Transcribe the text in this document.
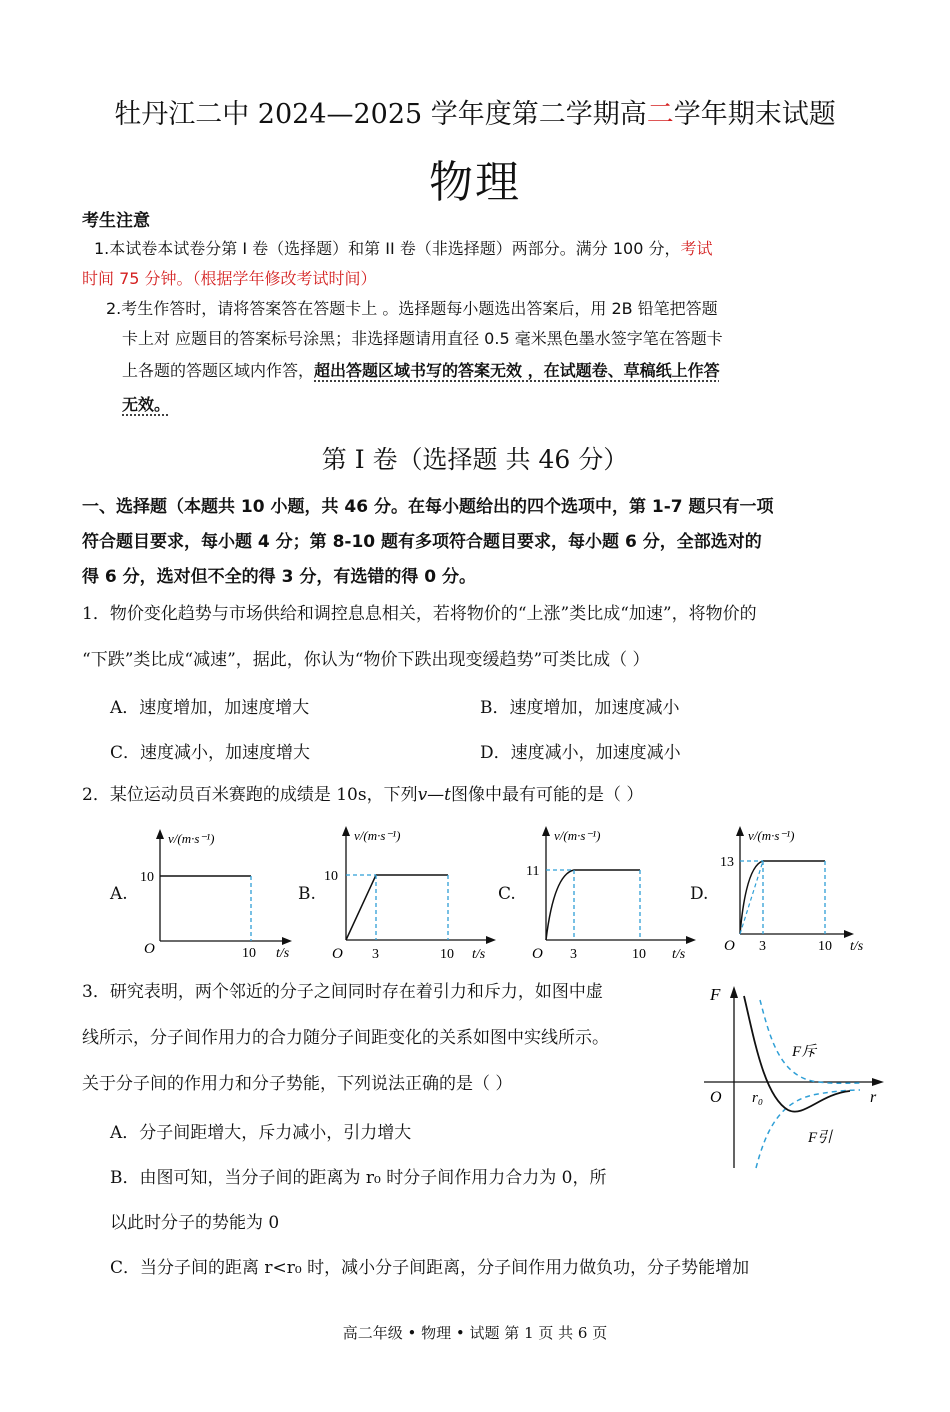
牡丹江二中 2024—2025 学年度第二学期高二学年期末试题
物理
考生注意
1.本试卷本试卷分第 I 卷（选择题）和第 II 卷（非选择题）两部分。满分 100 分，考试
时间 75 分钟。（根据学年修改考试时间）
2.考生作答时，请将答案答在答题卡上 。选择题每小题选出答案后，用 2B 铅笔把答题
卡上对 应题目的答案标号涂黑；非选择题请用直径 0.5 毫米黑色墨水签字笔在答题卡
上各题的答题区域内作答，超出答题区域书写的答案无效 ，在试题卷、草稿纸上作答
无效。
第 I 卷（选择题 共 46 分）
一、选择题（本题共 10 小题，共 46 分。在每小题给出的四个选项中，第 1-7 题只有一项
符合题目要求，每小题 4 分；第 8-10 题有多项符合题目要求，每小题 6 分，全部选对的
得 6 分，选对但不全的得 3 分，有选错的得 0 分。
1．物价变化趋势与市场供给和调控息息相关，若将物价的“上涨”类比成“加速”，将物价的
“下跌”类比成“减速”，据此，你认为“物价下跌出现变缓趋势”可类比成（ ）
A．速度增加，加速度增大	B．速度增加，加速度减小
C．速度减小，加速度增大	D．速度减小，加速度减小
2．某位运动员百米赛跑的成绩是 10s，下列v—t图像中最有可能的是（ ）
A.	B.	C.	D.
v/(m·s⁻¹)
10
O	10 t/s
v/(m·s⁻¹)
10
O 3	10 t/s
v/(m·s⁻¹)
11
O 3	10 t/s
v/(m·s⁻¹)
13
O 3	10 t/s
3．研究表明，两个邻近的分子之间同时存在着引力和斥力，如图中虚
线所示，分子间作用力的合力随分子间距变化的关系如图中实线所示。
关于分子间的作用力和分子势能，下列说法正确的是（ ）
A．分子间距增大，斥力减小，引力增大
B．由图可知，当分子间的距离为 r₀ 时分子间作用力合力为 0，所
以此时分子的势能为 0
C．当分子间的距离 r<r₀ 时，减小分子间距离，分子间作用力做负功，分子势能增加
F
O r₀	r
F斥
F引
高二年级 • 物理 • 试题 第 1 页 共 6 页
